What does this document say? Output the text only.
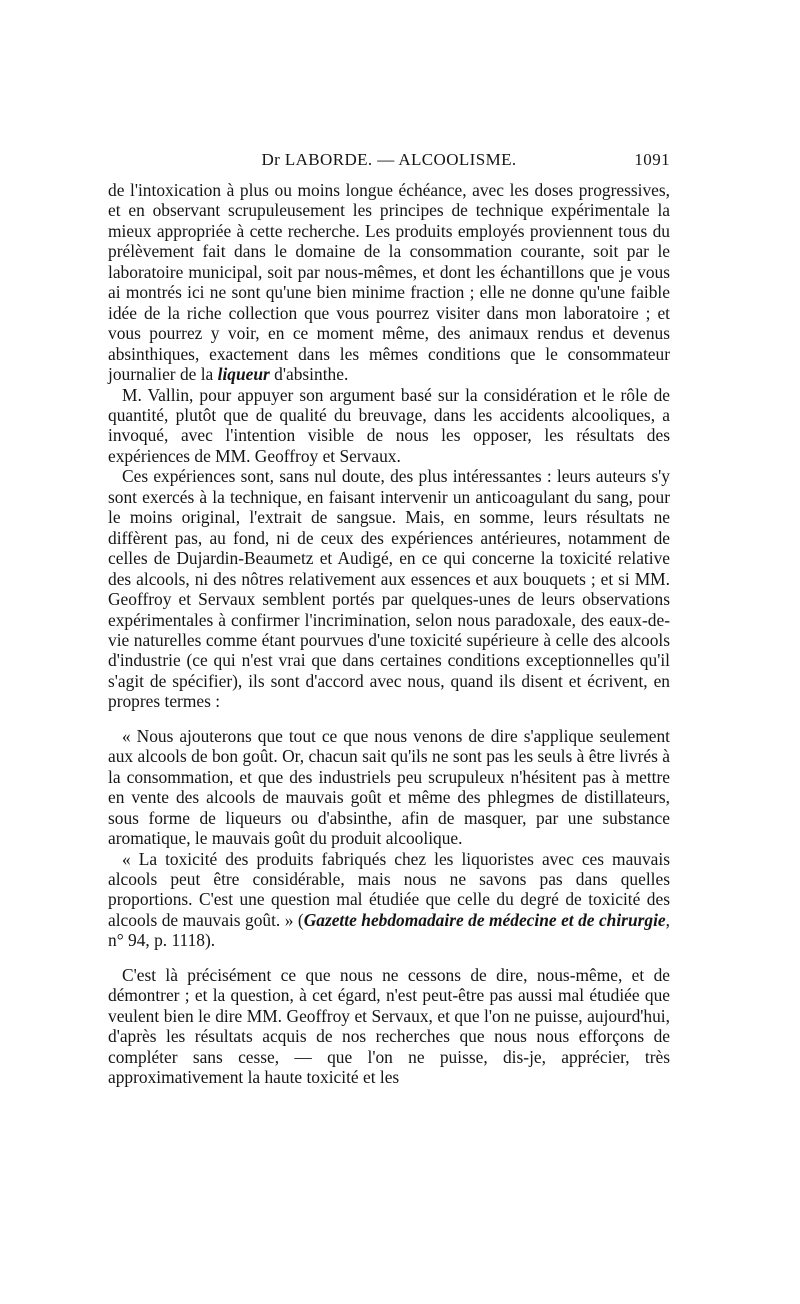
Dr LABORDE. — ALCOOLISME.	1091

de l'intoxication à plus ou moins longue échéance, avec les doses progressives, et en observant scrupuleusement les principes de technique expérimentale la mieux appropriée à cette recherche. Les produits employés proviennent tous du prélèvement fait dans le domaine de la consommation courante, soit par le laboratoire municipal, soit par nous-mêmes, et dont les échantillons que je vous ai montrés ici ne sont qu'une bien minime fraction ; elle ne donne qu'une faible idée de la riche collection que vous pourrez visiter dans mon laboratoire ; et vous pourrez y voir, en ce moment même, des animaux rendus et devenus absinthiques, exactement dans les mêmes conditions que le consommateur journalier de la liqueur d'absinthe.

M. Vallin, pour appuyer son argument basé sur la considération et le rôle de quantité, plutôt que de qualité du breuvage, dans les accidents alcooliques, a invoqué, avec l'intention visible de nous les opposer, les résultats des expériences de MM. Geoffroy et Servaux.

Ces expériences sont, sans nul doute, des plus intéressantes : leurs auteurs s'y sont exercés à la technique, en faisant intervenir un anticoagulant du sang, pour le moins original, l'extrait de sangsue. Mais, en somme, leurs résultats ne diffèrent pas, au fond, ni de ceux des expériences antérieures, notamment de celles de Dujardin-Beaumetz et Audigé, en ce qui concerne la toxicité relative des alcools, ni des nôtres relativement aux essences et aux bouquets ; et si MM. Geoffroy et Servaux semblent portés par quelques-unes de leurs observations expérimentales à confirmer l'incrimination, selon nous paradoxale, des eaux-de-vie naturelles comme étant pourvues d'une toxicité supérieure à celle des alcools d'industrie (ce qui n'est vrai que dans certaines conditions exceptionnelles qu'il s'agit de spécifier), ils sont d'accord avec nous, quand ils disent et écrivent, en propres termes :

« Nous ajouterons que tout ce que nous venons de dire s'applique seulement aux alcools de bon goût. Or, chacun sait qu'ils ne sont pas les seuls à être livrés à la consommation, et que des industriels peu scrupuleux n'hésitent pas à mettre en vente des alcools de mauvais goût et même des phlegmes de distillateurs, sous forme de liqueurs ou d'absinthe, afin de masquer, par une substance aromatique, le mauvais goût du produit alcoolique.

« La toxicité des produits fabriqués chez les liquoristes avec ces mauvais alcools peut être considérable, mais nous ne savons pas dans quelles proportions. C'est une question mal étudiée que celle du degré de toxicité des alcools de mauvais goût. » (Gazette hebdomadaire de médecine et de chirurgie, n° 94, p. 1118).

C'est là précisément ce que nous ne cessons de dire, nous-même, et de démontrer ; et la question, à cet égard, n'est peut-être pas aussi mal étudiée que veulent bien le dire MM. Geoffroy et Servaux, et que l'on ne puisse, aujourd'hui, d'après les résultats acquis de nos recherches que nous nous efforçons de compléter sans cesse, — que l'on ne puisse, dis-je, apprécier, très approximativement la haute toxicité et les
